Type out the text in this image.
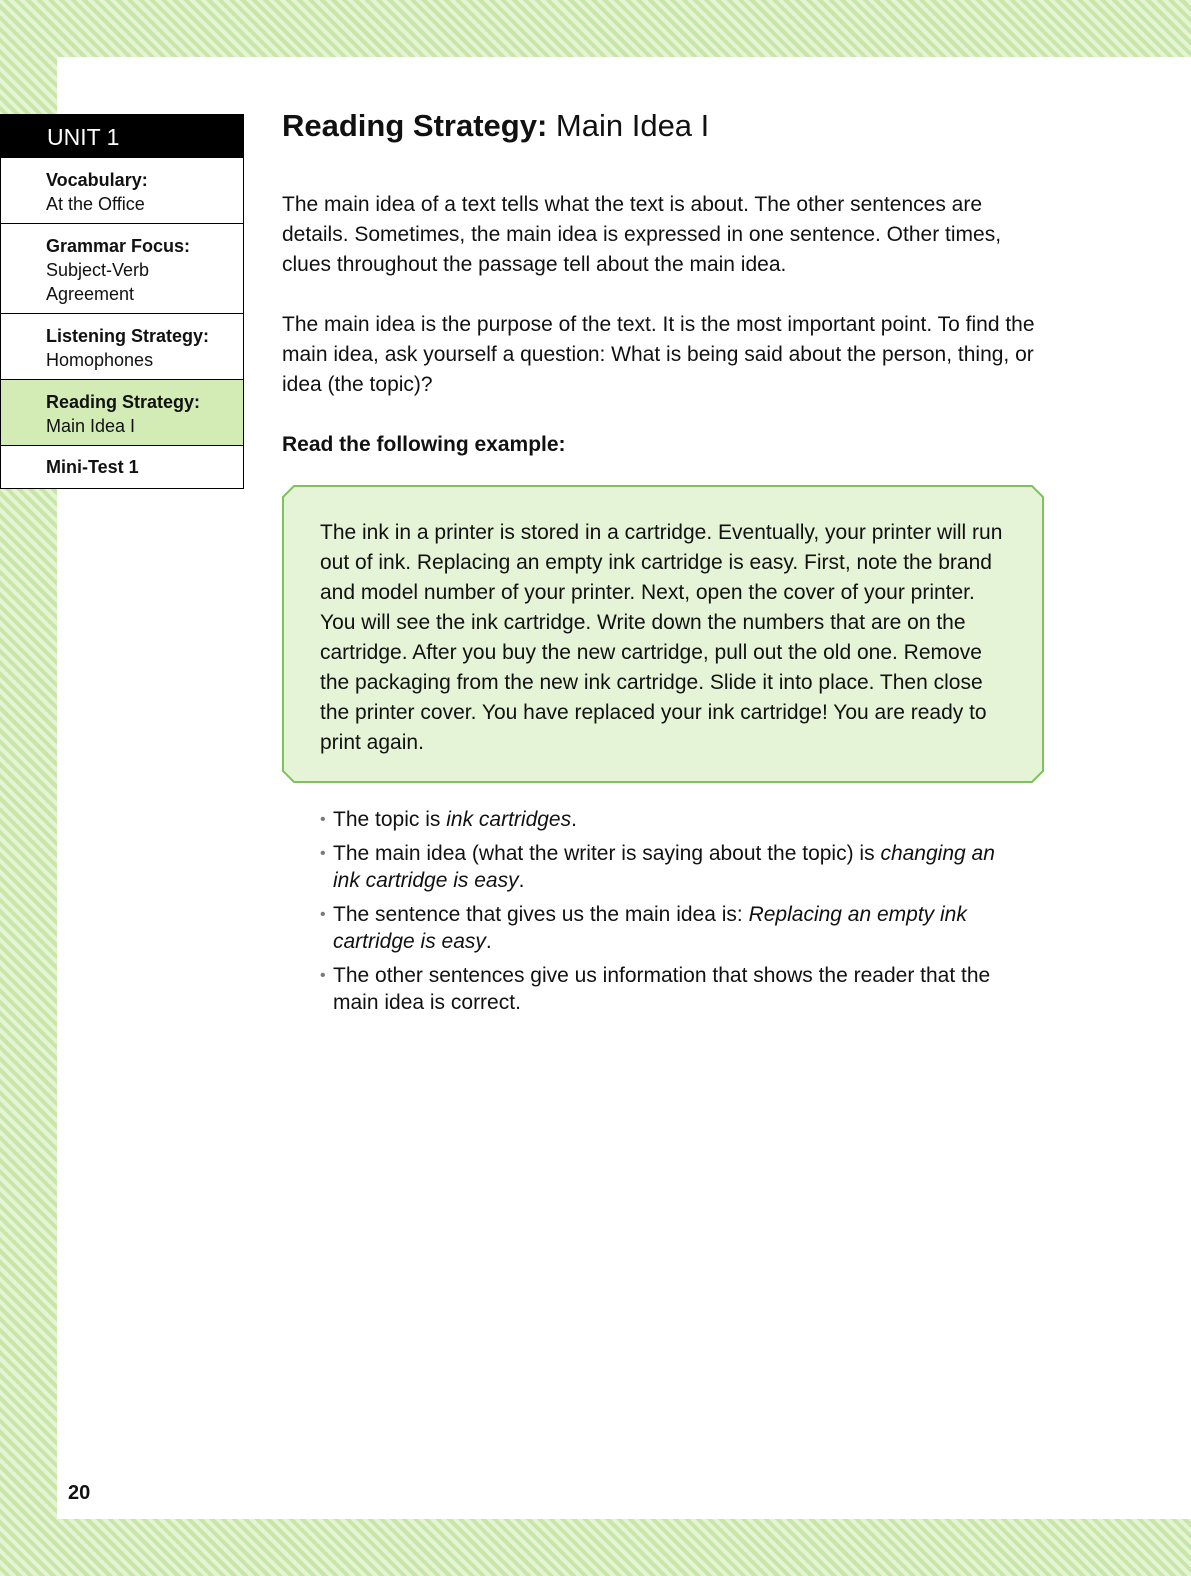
UNIT 1
Vocabulary:
At the Office
Grammar Focus:
Subject-Verb Agreement
Listening Strategy:
Homophones
Reading Strategy:
Main Idea I
Mini-Test 1
Reading Strategy: Main Idea I

The main idea of a text tells what the text is about. The other sentences are details. Sometimes, the main idea is expressed in one sentence. Other times, clues throughout the passage tell about the main idea.

The main idea is the purpose of the text. It is the most important point. To find the main idea, ask yourself a question: What is being said about the person, thing, or idea (the topic)?

Read the following example:

The ink in a printer is stored in a cartridge. Eventually, your printer will run out of ink. Replacing an empty ink cartridge is easy. First, note the brand and model number of your printer. Next, open the cover of your printer. You will see the ink cartridge. Write down the numbers that are on the cartridge. After you buy the new cartridge, pull out the old one. Remove the packaging from the new ink cartridge. Slide it into place. Then close the printer cover. You have replaced your ink cartridge! You are ready to print again.
• The topic is ink cartridges.
• The main idea (what the writer is saying about the topic) is changing an ink cartridge is easy.
• The sentence that gives us the main idea is: Replacing an empty ink cartridge is easy.
• The other sentences give us information that shows the reader that the main idea is correct.
20
